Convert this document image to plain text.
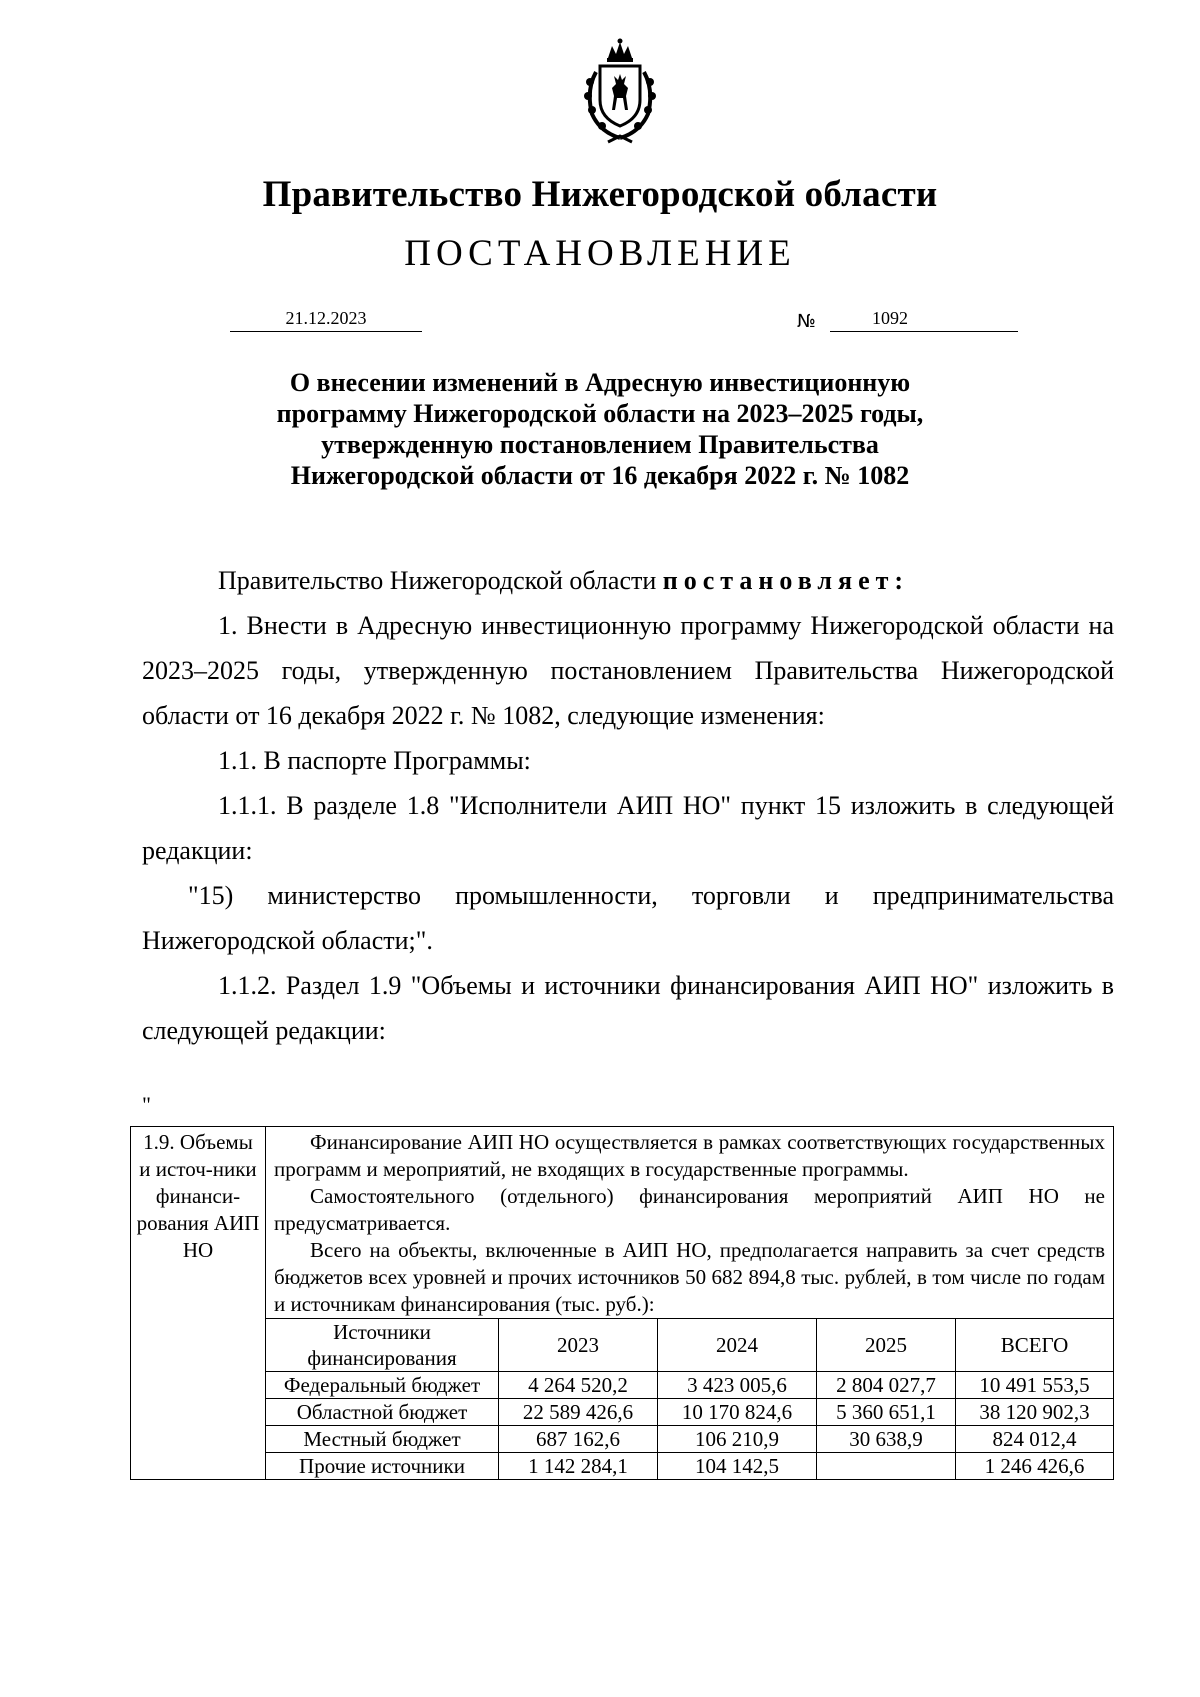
Правительство Нижегородской области
ПОСТАНОВЛЕНИЕ
21.12.2023	№	1092
О внесении изменений в Адресную инвестиционную
программу Нижегородской области на 2023–2025 годы,
утвержденную постановлением Правительства
Нижегородской области от 16 декабря 2022 г. № 1082

Правительство Нижегородской области постановляет:

1. Внести в Адресную инвестиционную программу Нижегородской области на 2023–2025 годы, утвержденную постановлением Правительства Нижегородской области от 16 декабря 2022 г. № 1082, следующие изменения:

1.1. В паспорте Программы:

1.1.1. В разделе 1.8 "Исполнители АИП НО" пункт 15 изложить в следующей редакции:

"15) министерство промышленности, торговли и предпринимательства Нижегородской области;".

1.1.2. Раздел 1.9 "Объемы и источники финансирования АИП НО" изложить в следующей редакции:

"
1.9. Объемы и источ-ники финанси-рования АИП НО	

Финансирование АИП НО осуществляется в рамках соответствующих государственных программ и мероприятий, не входящих в государственные программы.

Самостоятельного (отдельного) финансирования мероприятий АИП НО не предусматривается.

Всего на объекты, включенные в АИП НО, предполагается направить за счет средств бюджетов всех уровней и прочих источников 50 682 894,8 тыс. рублей, в том числе по годам и источникам финансирования (тыс. руб.):

Источники финансирования	2023	2024	2025	ВСЕГО
Федеральный бюджет	4 264 520,2	3 423 005,6	2 804 027,7	10 491 553,5
Областной бюджет	22 589 426,6	10 170 824,6	5 360 651,1	38 120 902,3
Местный бюджет	687 162,6	106 210,9	30 638,9	824 012,4
Прочие источники	1 142 284,1	104 142,5		1 246 426,6
